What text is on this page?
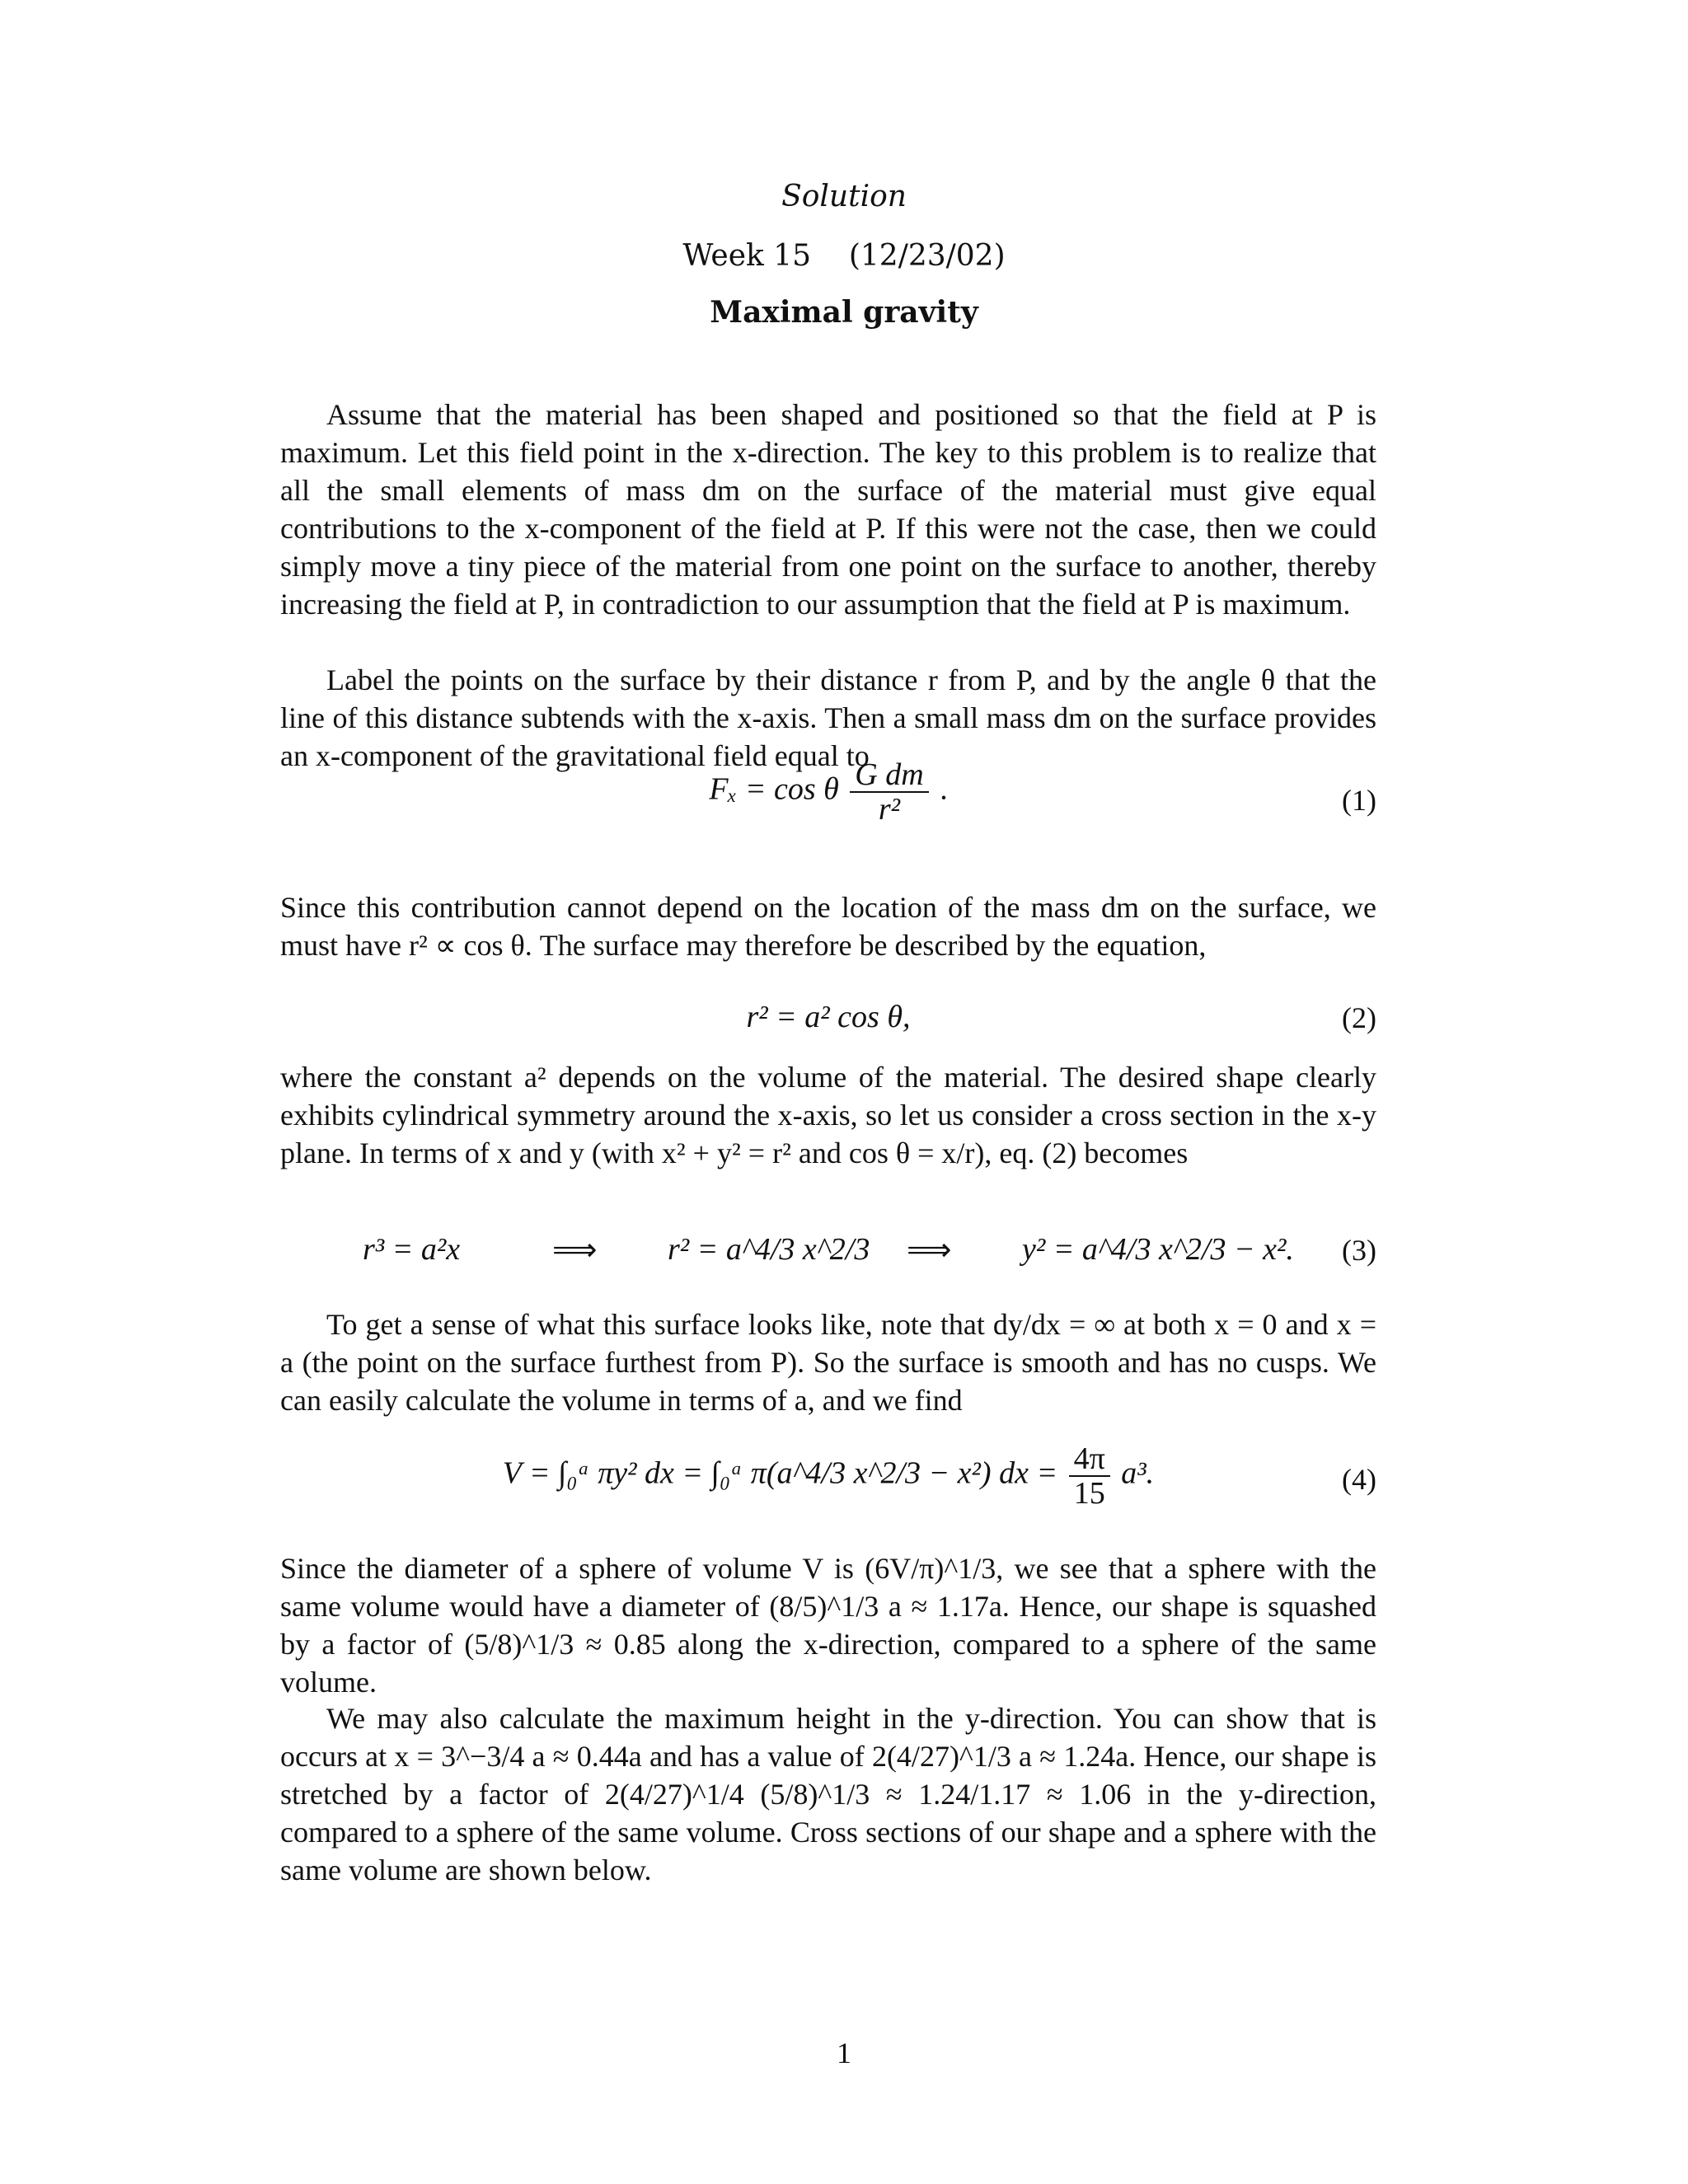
Solution
Week 15    (12/23/02)
Maximal gravity

Assume that the material has been shaped and positioned so that the field at P is maximum. Let this field point in the x-direction. The key to this problem is to realize that all the small elements of mass dm on the surface of the material must give equal contributions to the x-component of the field at P. If this were not the case, then we could simply move a tiny piece of the material from one point on the surface to another, thereby increasing the field at P, in contradiction to our assumption that the field at P is maximum.

Label the points on the surface by their distance r from P, and by the angle θ that the line of this distance subtends with the x-axis. Then a small mass dm on the surface provides an x-component of the gravitational field equal to

Fₓ = cos θ $\frac{\text{G dm}}{\text{r²}}$ .	(1)

Since this contribution cannot depend on the location of the mass dm on the surface, we must have r² ∝ cos θ. The surface may therefore be described by the equation,

r² = a² cos θ,	(2)

where the constant a² depends on the volume of the material. The desired shape clearly exhibits cylindrical symmetry around the x-axis, so let us consider a cross section in the x-y plane. In terms of x and y (with x² + y² = r² and cos θ = x/r), eq. (2) becomes

r³ = a²x	⟹ r² = a^4/3 x^2/3 ⟹ y² = a^4/3 x^2/3 − x². (3)

To get a sense of what this surface looks like, note that dy/dx = ∞ at both x = 0 and x = a (the point on the surface furthest from P). So the surface is smooth and has no cusps. We can easily calculate the volume in terms of a, and we find

V = ∫₀ᵃ πy² dx = ∫₀ᵃ π(a^4/3 x^2/3 − x²) dx = $\frac{4\pi}{15} a^3$.	(4)

Since the diameter of a sphere of volume V is (6V/π)^1/3, we see that a sphere with the same volume would have a diameter of (8/5)^1/3 a ≈ 1.17a. Hence, our shape is squashed by a factor of (5/8)^1/3 ≈ 0.85 along the x-direction, compared to a sphere of the same volume.

We may also calculate the maximum height in the y-direction. You can show that is occurs at x = 3^−3/4 a ≈ 0.44a and has a value of 2(4/27)^1/3 a ≈ 1.24a. Hence, our shape is stretched by a factor of 2(4/27)^1/4 (5/8)^1/3 ≈ 1.24/1.17 ≈ 1.06 in the y-direction, compared to a sphere of the same volume. Cross sections of our shape and a sphere with the same volume are shown below.

1
